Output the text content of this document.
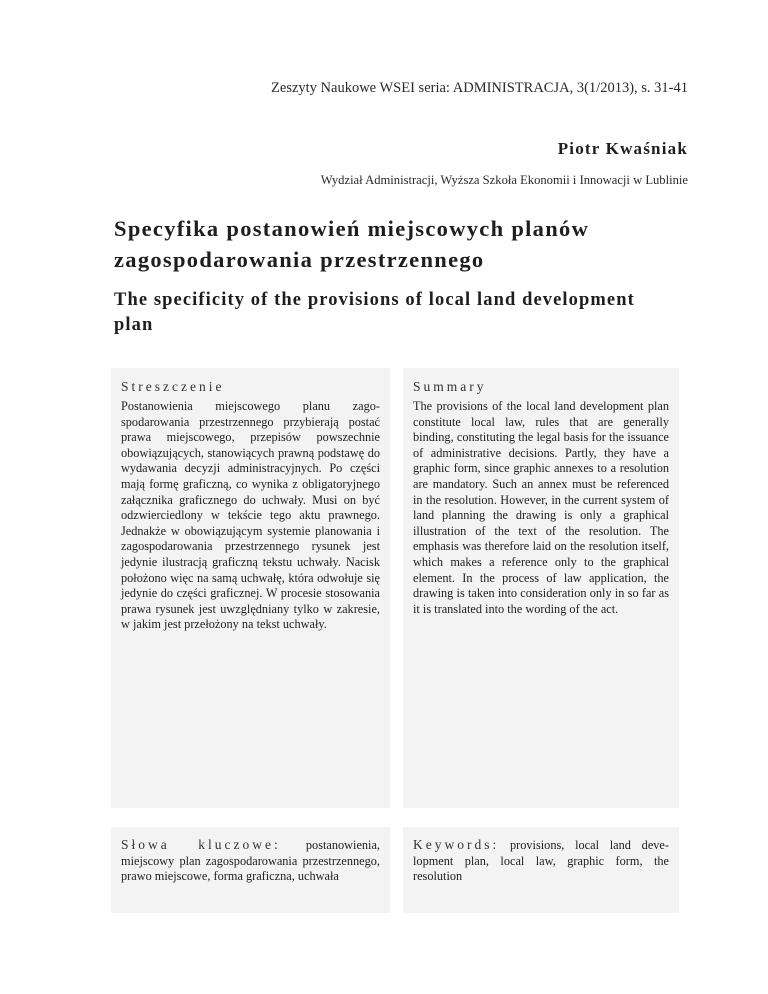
Zeszyty Naukowe WSEI seria: ADMINISTRACJA, 3(1/2013), s. 31-41
Piotr Kwaśniak
Wydział Administracji, Wyższa Szkoła Ekonomii i Innowacji w Lublinie
Specyfika postanowień miejscowych planów zagospodarowania przestrzennego
The specificity of the provisions of local land development plan
Streszczenie

Postanowienia miejscowego planu zagospodarowania przestrzennego przybierają postać prawa miejscowego, przepisów powszechnie obowiązujących, stanowiących prawną podstawę do wydawania decyzji administracyjnych. Po części mają formę graficzną, co wynika z obligatoryjnego załącznika graficznego do uchwały. Musi on być odzwierciedlony w tekście tego aktu prawnego. Jednakże w obowiązującym systemie planowania i zagospodarowania przestrzennego rysunek jest jedynie ilustracją graficzną tekstu uchwały. Nacisk położono więc na samą uchwałę, która odwołuje się jedynie do części graficznej. W procesie stosowania prawa rysunek jest uwzględniany tylko w zakresie, w jakim jest przełożony na tekst uchwały.

Summary

The provisions of the local land development plan constitute local law, rules that are generally binding, constituting the legal basis for the issuance of administrative decisions. Partly, they have a graphic form, since graphic annexes to a resolution are mandatory. Such an annex must be referenced in the resolution. However, in the current system of land planning the drawing is only a graphical illustration of the text of the resolution. The emphasis was therefore laid on the resolution itself, which makes a reference only to the graphical element. In the process of law application, the drawing is taken into consideration only in so far as it is translated into the wording of the act.

Słowa kluczowe: postanowienia, miejscowy plan zagospodarowania przestrzennego, prawo miejscowe, forma graficzna, uchwała

Keywords: provisions, local land development plan, local law, graphic form, the resolution
